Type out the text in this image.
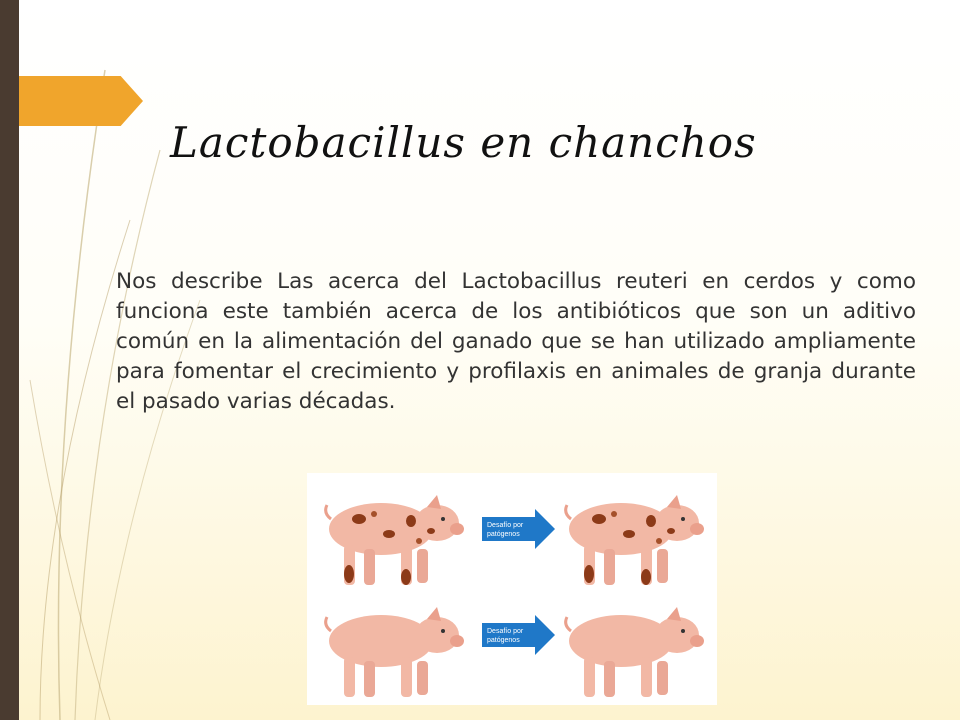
Lactobacillus en chanchos

Nos describe Las acerca del Lactobacillus reuteri en cerdos y como funciona este también acerca de los antibióticos que son un aditivo común en la alimentación del ganado que se han utilizado ampliamente para fomentar el crecimiento y profilaxis en animales de granja durante el pasado varias décadas.

Desafío por
patógenos
Desafío por
patógenos
